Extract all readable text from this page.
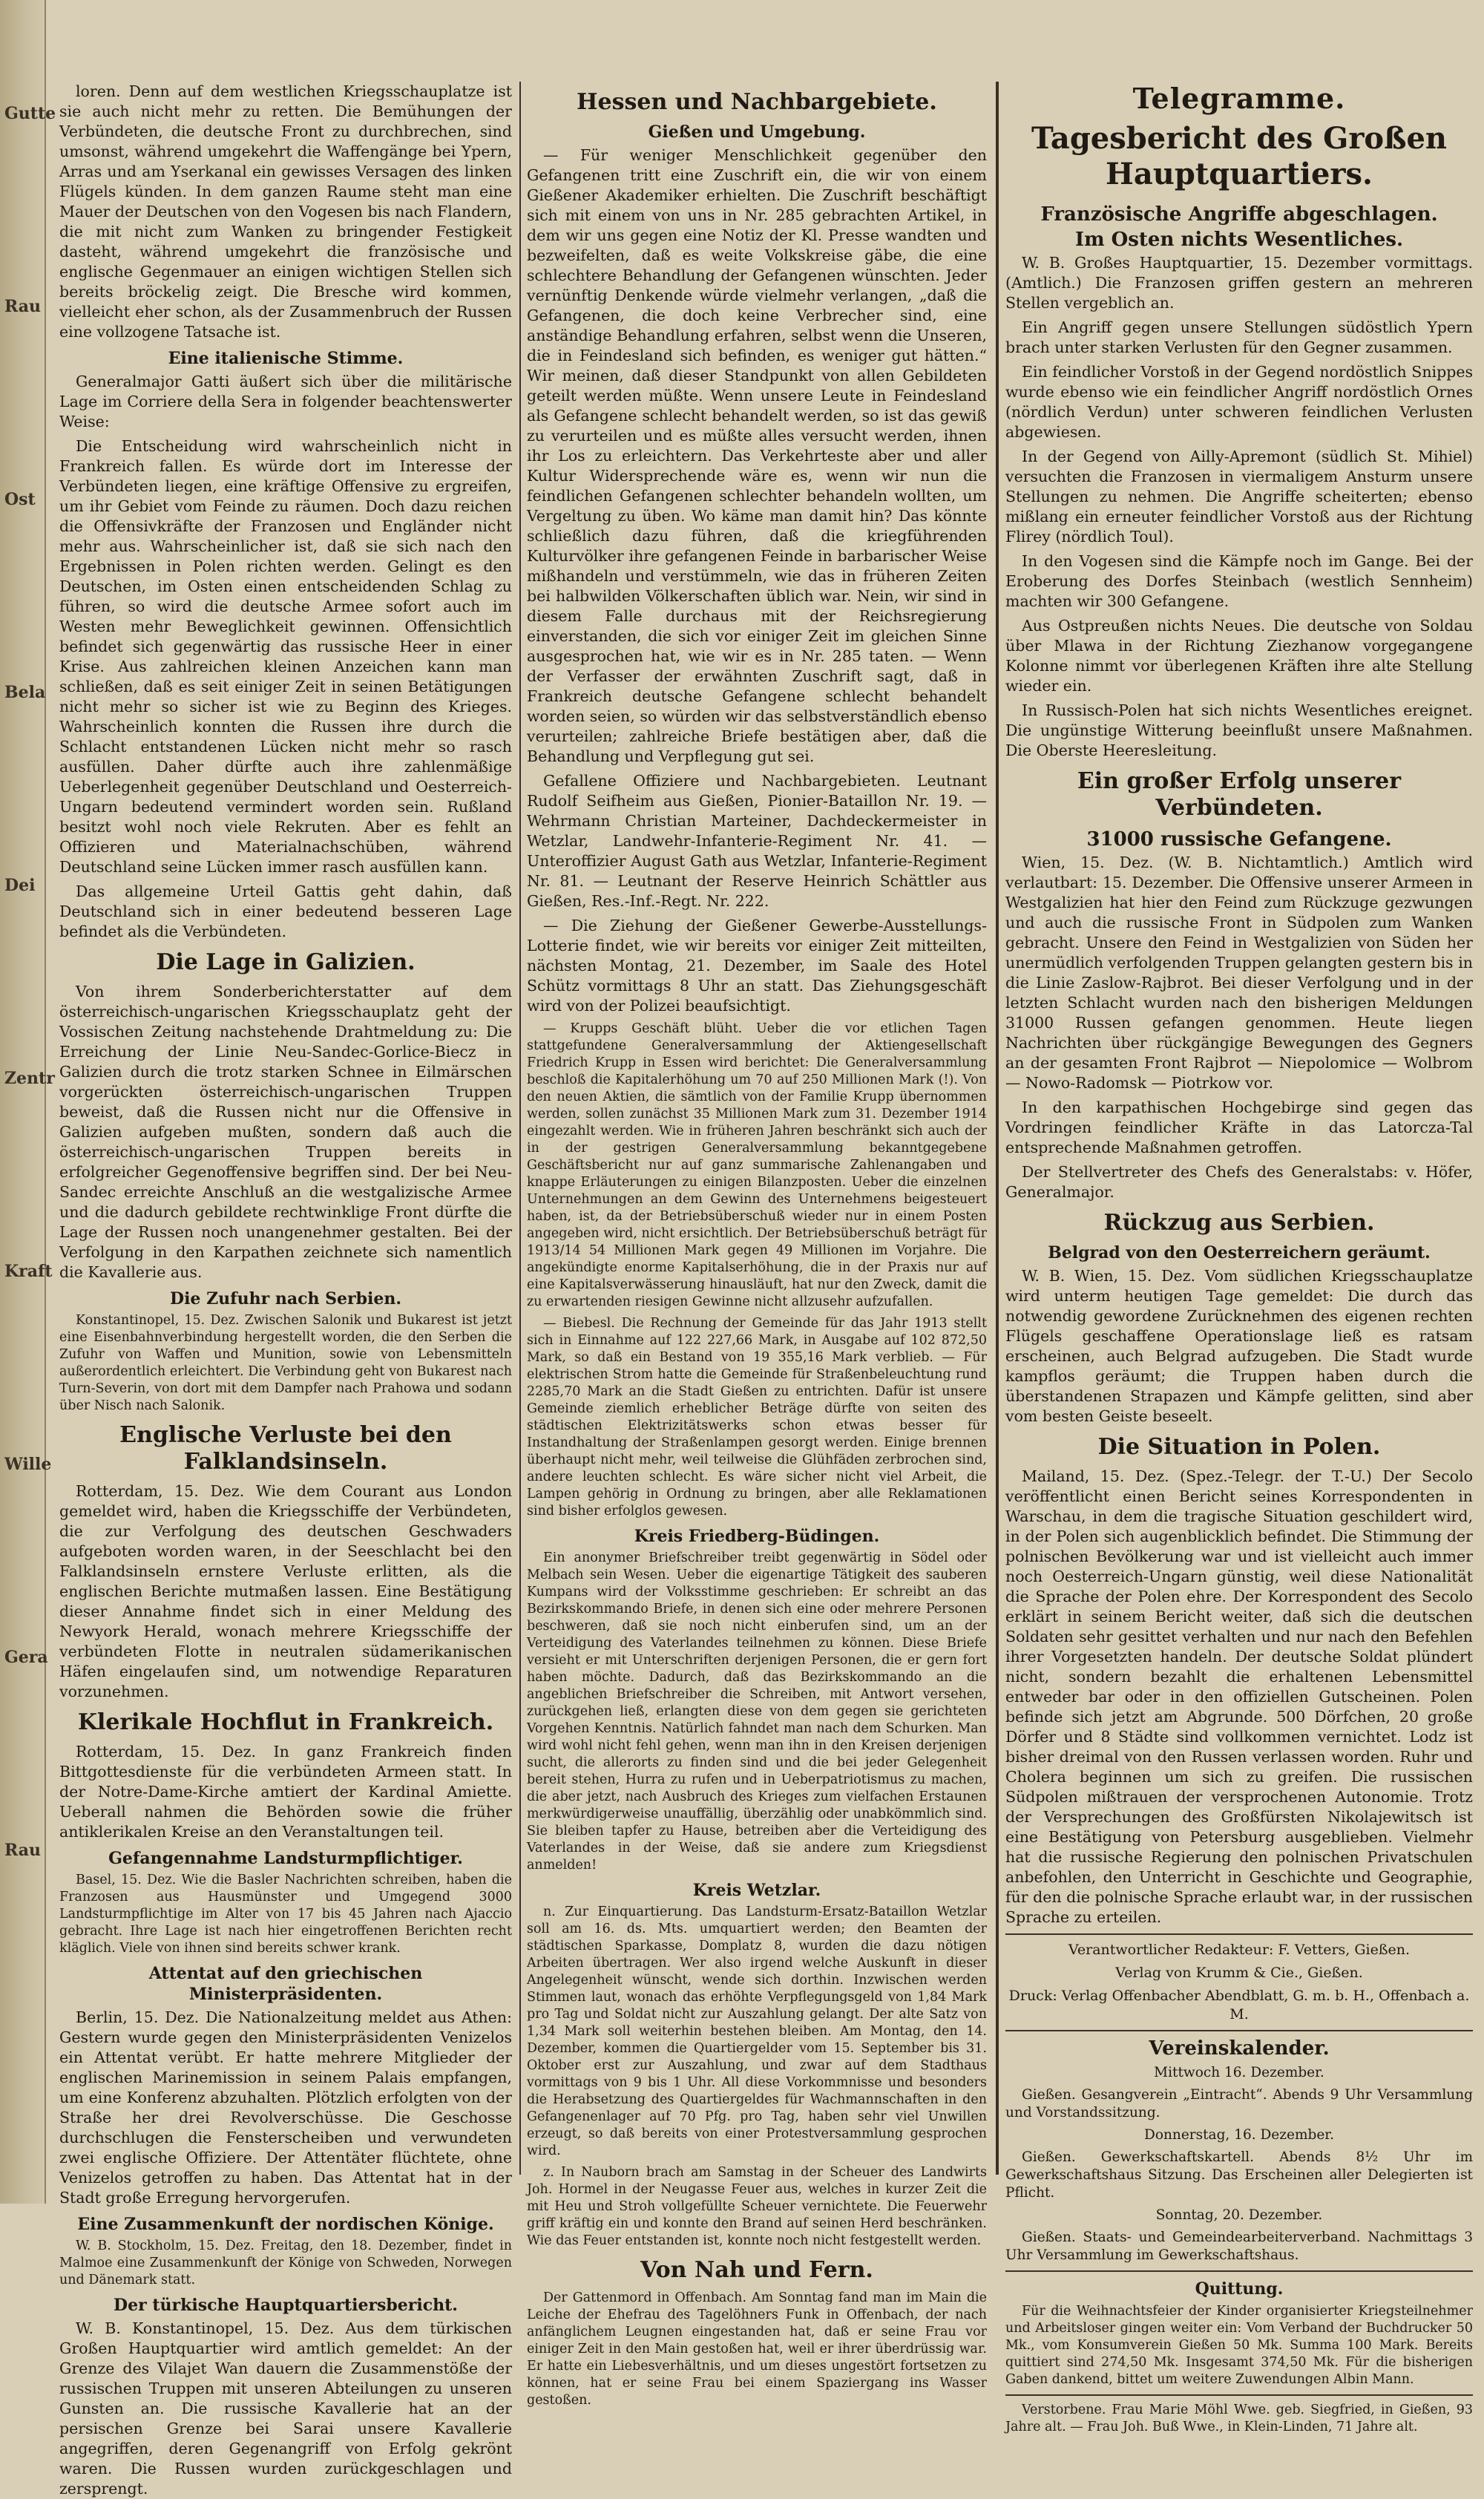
Gutte
Rau
Ost
Bela
Dei
Zentr
Kraft
Wille
Gera
Rau

loren. Denn auf dem westlichen Kriegsschauplatze ist sie auch nicht mehr zu retten. Die Bemühungen der Verbündeten, die deutsche Front zu durchbrechen, sind umsonst, während umgekehrt die Waffengänge bei Ypern, Arras und am Yserkanal ein gewisses Versagen des linken Flügels künden. In dem ganzen Raume steht man eine Mauer der Deutschen von den Vogesen bis nach Flandern, die mit nicht zum Wanken zu bringender Festigkeit dasteht, während umgekehrt die französische und englische Gegenmauer an einigen wichtigen Stellen sich bereits bröckelig zeigt. Die Bresche wird kommen, vielleicht eher schon, als der Zusammenbruch der Russen eine vollzogene Tatsache ist.

Eine italienische Stimme.

Generalmajor Gatti äußert sich über die militärische Lage im Corriere della Sera in folgender beachtenswerter Weise:

Die Entscheidung wird wahrscheinlich nicht in Frankreich fallen. Es würde dort im Interesse der Verbündeten liegen, eine kräftige Offensive zu ergreifen, um ihr Gebiet vom Feinde zu räumen. Doch dazu reichen die Offensivkräfte der Franzosen und Engländer nicht mehr aus. Wahrscheinlicher ist, daß sie sich nach den Ergebnissen in Polen richten werden. Gelingt es den Deutschen, im Osten einen entscheidenden Schlag zu führen, so wird die deutsche Armee sofort auch im Westen mehr Beweglichkeit gewinnen. Offensichtlich befindet sich gegenwärtig das russische Heer in einer Krise. Aus zahlreichen kleinen Anzeichen kann man schließen, daß es seit einiger Zeit in seinen Betätigungen nicht mehr so sicher ist wie zu Beginn des Krieges. Wahrscheinlich konnten die Russen ihre durch die Schlacht entstandenen Lücken nicht mehr so rasch ausfüllen. Daher dürfte auch ihre zahlenmäßige Ueberlegenheit gegenüber Deutschland und Oesterreich-Ungarn bedeutend vermindert worden sein. Rußland besitzt wohl noch viele Rekruten. Aber es fehlt an Offizieren und Materialnachschüben, während Deutschland seine Lücken immer rasch ausfüllen kann.

Das allgemeine Urteil Gattis geht dahin, daß Deutschland sich in einer bedeutend besseren Lage befindet als die Verbündeten.

Die Lage in Galizien.

Von ihrem Sonderberichterstatter auf dem österreichisch-ungarischen Kriegsschauplatz geht der Vossischen Zeitung nachstehende Drahtmeldung zu: Die Erreichung der Linie Neu-Sandec-Gorlice-Biecz in Galizien durch die trotz starken Schnee in Eilmärschen vorgerückten österreichisch-ungarischen Truppen beweist, daß die Russen nicht nur die Offensive in Galizien aufgeben mußten, sondern daß auch die österreichisch-ungarischen Truppen bereits in erfolgreicher Gegenoffensive begriffen sind. Der bei Neu-Sandec erreichte Anschluß an die westgalizische Armee und die dadurch gebildete rechtwinklige Front dürfte die Lage der Russen noch unangenehmer gestalten. Bei der Verfolgung in den Karpathen zeichnete sich namentlich die Kavallerie aus.

Die Zufuhr nach Serbien.

Konstantinopel, 15. Dez. Zwischen Salonik und Bukarest ist jetzt eine Eisenbahnverbindung hergestellt worden, die den Serben die Zufuhr von Waffen und Munition, sowie von Lebensmitteln außerordentlich erleichtert. Die Verbindung geht von Bukarest nach Turn-Severin, von dort mit dem Dampfer nach Prahowa und sodann über Nisch nach Salonik.

Englische Verluste bei den Falklandsinseln.

Rotterdam, 15. Dez. Wie dem Courant aus London gemeldet wird, haben die Kriegsschiffe der Verbündeten, die zur Verfolgung des deutschen Geschwaders aufgeboten worden waren, in der Seeschlacht bei den Falklandsinseln ernstere Verluste erlitten, als die englischen Berichte mutmaßen lassen. Eine Bestätigung dieser Annahme findet sich in einer Meldung des Newyork Herald, wonach mehrere Kriegsschiffe der verbündeten Flotte in neutralen südamerikanischen Häfen eingelaufen sind, um notwendige Reparaturen vorzunehmen.

Klerikale Hochflut in Frankreich.

Rotterdam, 15. Dez. In ganz Frankreich finden Bittgottesdienste für die verbündeten Armeen statt. In der Notre-Dame-Kirche amtiert der Kardinal Amiette. Ueberall nahmen die Behörden sowie die früher antiklerikalen Kreise an den Veranstaltungen teil.

Gefangennahme Landsturmpflichtiger.

Basel, 15. Dez. Wie die Basler Nachrichten schreiben, haben die Franzosen aus Hausmünster und Umgegend 3000 Landsturmpflichtige im Alter von 17 bis 45 Jahren nach Ajaccio gebracht. Ihre Lage ist nach hier eingetroffenen Berichten recht kläglich. Viele von ihnen sind bereits schwer krank.

Attentat auf den griechischen Ministerpräsidenten.

Berlin, 15. Dez. Die Nationalzeitung meldet aus Athen: Gestern wurde gegen den Ministerpräsidenten Venizelos ein Attentat verübt. Er hatte mehrere Mitglieder der englischen Marinemission in seinem Palais empfangen, um eine Konferenz abzuhalten. Plötzlich erfolgten von der Straße her drei Revolverschüsse. Die Geschosse durchschlugen die Fensterscheiben und verwundeten zwei englische Offiziere. Der Attentäter flüchtete, ohne Venizelos getroffen zu haben. Das Attentat hat in der Stadt große Erregung hervorgerufen.

Eine Zusammenkunft der nordischen Könige.

W. B. Stockholm, 15. Dez. Freitag, den 18. Dezember, findet in Malmoe eine Zusammenkunft der Könige von Schweden, Norwegen und Dänemark statt.

Der türkische Hauptquartiersbericht.

W. B. Konstantinopel, 15. Dez. Aus dem türkischen Großen Hauptquartier wird amtlich gemeldet: An der Grenze des Vilajet Wan dauern die Zusammenstöße der russischen Truppen mit unseren Abteilungen zu unseren Gunsten an. Die russische Kavallerie hat an der persischen Grenze bei Sarai unsere Kavallerie angegriffen, deren Gegenangriff von Erfolg gekrönt waren. Die Russen wurden zurückgeschlagen und zersprengt.

Hessen und Nachbargebiete.
Gießen und Umgebung.

— Für weniger Menschlichkeit gegenüber den Gefangenen tritt eine Zuschrift ein, die wir von einem Gießener Akademiker erhielten. Die Zuschrift beschäftigt sich mit einem von uns in Nr. 285 gebrachten Artikel, in dem wir uns gegen eine Notiz der Kl. Presse wandten und bezweifelten, daß es weite Volkskreise gäbe, die eine schlechtere Behandlung der Gefangenen wünschten. Jeder vernünftig Denkende würde vielmehr verlangen, „daß die Gefangenen, die doch keine Verbrecher sind, eine anständige Behandlung erfahren, selbst wenn die Unseren, die in Feindesland sich befinden, es weniger gut hätten.“ Wir meinen, daß dieser Standpunkt von allen Gebildeten geteilt werden müßte. Wenn unsere Leute in Feindesland als Gefangene schlecht behandelt werden, so ist das gewiß zu verurteilen und es müßte alles versucht werden, ihnen ihr Los zu erleichtern. Das Verkehrteste aber und aller Kultur Widersprechende wäre es, wenn wir nun die feindlichen Gefangenen schlechter behandeln wollten, um Vergeltung zu üben. Wo käme man damit hin? Das könnte schließlich dazu führen, daß die kriegführenden Kulturvölker ihre gefangenen Feinde in barbarischer Weise mißhandeln und verstümmeln, wie das in früheren Zeiten bei halbwilden Völkerschaften üblich war. Nein, wir sind in diesem Falle durchaus mit der Reichsregierung einverstanden, die sich vor einiger Zeit im gleichen Sinne ausgesprochen hat, wie wir es in Nr. 285 taten. — Wenn der Verfasser der erwähnten Zuschrift sagt, daß in Frankreich deutsche Gefangene schlecht behandelt worden seien, so würden wir das selbstverständlich ebenso verurteilen; zahlreiche Briefe bestätigen aber, daß die Behandlung und Verpflegung gut sei.

Gefallene Offiziere und Nachbargebieten. Leutnant Rudolf Seifheim aus Gießen, Pionier-Bataillon Nr. 19. — Wehrmann Christian Marteiner, Dachdeckermeister in Wetzlar, Landwehr-Infanterie-Regiment Nr. 41. — Unteroffizier August Gath aus Wetzlar, Infanterie-Regiment Nr. 81. — Leutnant der Reserve Heinrich Schättler aus Gießen, Res.-Inf.-Regt. Nr. 222.

— Die Ziehung der Gießener Gewerbe-Ausstellungs-Lotterie findet, wie wir bereits vor einiger Zeit mitteilten, nächsten Montag, 21. Dezember, im Saale des Hotel Schütz vormittags 8 Uhr an statt. Das Ziehungsgeschäft wird von der Polizei beaufsichtigt.

— Krupps Geschäft blüht. Ueber die vor etlichen Tagen stattgefundene Generalversammlung der Aktiengesellschaft Friedrich Krupp in Essen wird berichtet: Die Generalversammlung beschloß die Kapitalerhöhung um 70 auf 250 Millionen Mark (!). Von den neuen Aktien, die sämtlich von der Familie Krupp übernommen werden, sollen zunächst 35 Millionen Mark zum 31. Dezember 1914 eingezahlt werden. Wie in früheren Jahren beschränkt sich auch der in der gestrigen Generalversammlung bekanntgegebene Geschäftsbericht nur auf ganz summarische Zahlenangaben und knappe Erläuterungen zu einigen Bilanzposten. Ueber die einzelnen Unternehmungen an dem Gewinn des Unternehmens beigesteuert haben, ist, da der Betriebsüberschuß wieder nur in einem Posten angegeben wird, nicht ersichtlich. Der Betriebsüberschuß beträgt für 1913/14 54 Millionen Mark gegen 49 Millionen im Vorjahre. Die angekündigte enorme Kapitalserhöhung, die in der Praxis nur auf eine Kapitalsverwässerung hinausläuft, hat nur den Zweck, damit die zu erwartenden riesigen Gewinne nicht allzusehr aufzufallen.

— Biebesl. Die Rechnung der Gemeinde für das Jahr 1913 stellt sich in Einnahme auf 122 227,66 Mark, in Ausgabe auf 102 872,50 Mark, so daß ein Bestand von 19 355,16 Mark verblieb. — Für elektrischen Strom hatte die Gemeinde für Straßenbeleuchtung rund 2285,70 Mark an die Stadt Gießen zu entrichten. Dafür ist unsere Gemeinde ziemlich erheblicher Beträge dürfte von seiten des städtischen Elektrizitätswerks schon etwas besser für Instandhaltung der Straßenlampen gesorgt werden. Einige brennen überhaupt nicht mehr, weil teilweise die Glühfäden zerbrochen sind, andere leuchten schlecht. Es wäre sicher nicht viel Arbeit, die Lampen gehörig in Ordnung zu bringen, aber alle Reklamationen sind bisher erfolglos gewesen.

Kreis Friedberg-Büdingen.

Ein anonymer Briefschreiber treibt gegenwärtig in Södel oder Melbach sein Wesen. Ueber die eigenartige Tätigkeit des sauberen Kumpans wird der Volksstimme geschrieben: Er schreibt an das Bezirkskommando Briefe, in denen sich eine oder mehrere Personen beschweren, daß sie noch nicht einberufen sind, um an der Verteidigung des Vaterlandes teilnehmen zu können. Diese Briefe versieht er mit Unterschriften derjenigen Personen, die er gern fort haben möchte. Dadurch, daß das Bezirkskommando an die angeblichen Briefschreiber die Schreiben, mit Antwort versehen, zurückgehen ließ, erlangten diese von dem gegen sie gerichteten Vorgehen Kenntnis. Natürlich fahndet man nach dem Schurken. Man wird wohl nicht fehl gehen, wenn man ihn in den Kreisen derjenigen sucht, die allerorts zu finden sind und die bei jeder Gelegenheit bereit stehen, Hurra zu rufen und in Ueberpatriotismus zu machen, die aber jetzt, nach Ausbruch des Krieges zum vielfachen Erstaunen merkwürdigerweise unauffällig, überzählig oder unabkömmlich sind. Sie bleiben tapfer zu Hause, betreiben aber die Verteidigung des Vaterlandes in der Weise, daß sie andere zum Kriegsdienst anmelden!

Kreis Wetzlar.

n. Zur Einquartierung. Das Landsturm-Ersatz-Bataillon Wetzlar soll am 16. ds. Mts. umquartiert werden; den Beamten der städtischen Sparkasse, Domplatz 8, wurden die dazu nötigen Arbeiten übertragen. Wer also irgend welche Auskunft in dieser Angelegenheit wünscht, wende sich dorthin. Inzwischen werden Stimmen laut, wonach das erhöhte Verpflegungsgeld von 1,84 Mark pro Tag und Soldat nicht zur Auszahlung gelangt. Der alte Satz von 1,34 Mark soll weiterhin bestehen bleiben. Am Montag, den 14. Dezember, kommen die Quartiergelder vom 15. September bis 31. Oktober erst zur Auszahlung, und zwar auf dem Stadthaus vormittags von 9 bis 1 Uhr. All diese Vorkommnisse und besonders die Herabsetzung des Quartiergeldes für Wachmannschaften in den Gefangenenlager auf 70 Pfg. pro Tag, haben sehr viel Unwillen erzeugt, so daß bereits von einer Protestversammlung gesprochen wird.

z. In Nauborn brach am Samstag in der Scheuer des Landwirts Joh. Hormel in der Neugasse Feuer aus, welches in kurzer Zeit die mit Heu und Stroh vollgefüllte Scheuer vernichtete. Die Feuerwehr griff kräftig ein und konnte den Brand auf seinen Herd beschränken. Wie das Feuer entstanden ist, konnte noch nicht festgestellt werden.

Von Nah und Fern.

Der Gattenmord in Offenbach. Am Sonntag fand man im Main die Leiche der Ehefrau des Tagelöhners Funk in Offenbach, der nach anfänglichem Leugnen eingestanden hat, daß er seine Frau vor einiger Zeit in den Main gestoßen hat, weil er ihrer überdrüssig war. Er hatte ein Liebesverhältnis, und um dieses ungestört fortsetzen zu können, hat er seine Frau bei einem Spaziergang ins Wasser gestoßen.

Telegramme.
Tagesbericht des Großen Hauptquartiers.
Französische Angriffe abgeschlagen.
Im Osten nichts Wesentliches.

W. B. Großes Hauptquartier, 15. Dezember vormittags. (Amtlich.) Die Franzosen griffen gestern an mehreren Stellen vergeblich an.

Ein Angriff gegen unsere Stellungen südöstlich Ypern brach unter starken Verlusten für den Gegner zusammen.

Ein feindlicher Vorstoß in der Gegend nordöstlich Snippes wurde ebenso wie ein feindlicher Angriff nordöstlich Ornes (nördlich Verdun) unter schweren feindlichen Verlusten abgewiesen.

In der Gegend von Ailly-Apremont (südlich St. Mihiel) versuchten die Franzosen in viermaligem Ansturm unsere Stellungen zu nehmen. Die Angriffe scheiterten; ebenso mißlang ein erneuter feindlicher Vorstoß aus der Richtung Flirey (nördlich Toul).

In den Vogesen sind die Kämpfe noch im Gange. Bei der Eroberung des Dorfes Steinbach (westlich Sennheim) machten wir 300 Gefangene.

Aus Ostpreußen nichts Neues. Die deutsche von Soldau über Mlawa in der Richtung Ziezhanow vorgegangene Kolonne nimmt vor überlegenen Kräften ihre alte Stellung wieder ein.

In Russisch-Polen hat sich nichts Wesentliches ereignet. Die ungünstige Witterung beeinflußt unsere Maßnahmen. Die Oberste Heeresleitung.

Ein großer Erfolg unserer Verbündeten.
31000 russische Gefangene.

Wien, 15. Dez. (W. B. Nichtamtlich.) Amtlich wird verlautbart: 15. Dezember. Die Offensive unserer Armeen in Westgalizien hat hier den Feind zum Rückzuge gezwungen und auch die russische Front in Südpolen zum Wanken gebracht. Unsere den Feind in Westgalizien von Süden her unermüdlich verfolgenden Truppen gelangten gestern bis in die Linie Zaslow-Rajbrot. Bei dieser Verfolgung und in der letzten Schlacht wurden nach den bisherigen Meldungen 31000 Russen gefangen genommen. Heute liegen Nachrichten über rückgängige Bewegungen des Gegners an der gesamten Front Rajbrot — Niepolomice — Wolbrom — Nowo-Radomsk — Piotrkow vor.

In den karpathischen Hochgebirge sind gegen das Vordringen feindlicher Kräfte in das Latorcza-Tal entsprechende Maßnahmen getroffen.

Der Stellvertreter des Chefs des Generalstabs: v. Höfer, Generalmajor.

Rückzug aus Serbien.
Belgrad von den Oesterreichern geräumt.

W. B. Wien, 15. Dez. Vom südlichen Kriegsschauplatze wird unterm heutigen Tage gemeldet: Die durch das notwendig gewordene Zurücknehmen des eigenen rechten Flügels geschaffene Operationslage ließ es ratsam erscheinen, auch Belgrad aufzugeben. Die Stadt wurde kampflos geräumt; die Truppen haben durch die überstandenen Strapazen und Kämpfe gelitten, sind aber vom besten Geiste beseelt.

Die Situation in Polen.

Mailand, 15. Dez. (Spez.-Telegr. der T.-U.) Der Secolo veröffentlicht einen Bericht seines Korrespondenten in Warschau, in dem die tragische Situation geschildert wird, in der Polen sich augenblicklich befindet. Die Stimmung der polnischen Bevölkerung war und ist vielleicht auch immer noch Oesterreich-Ungarn günstig, weil diese Nationalität die Sprache der Polen ehre. Der Korrespondent des Secolo erklärt in seinem Bericht weiter, daß sich die deutschen Soldaten sehr gesittet verhalten und nur nach den Befehlen ihrer Vorgesetzten handeln. Der deutsche Soldat plündert nicht, sondern bezahlt die erhaltenen Lebensmittel entweder bar oder in den offiziellen Gutscheinen. Polen befinde sich jetzt am Abgrunde. 500 Dörfchen, 20 große Dörfer und 8 Städte sind vollkommen vernichtet. Lodz ist bisher dreimal von den Russen verlassen worden. Ruhr und Cholera beginnen um sich zu greifen. Die russischen Südpolen mißtrauen der versprochenen Autonomie. Trotz der Versprechungen des Großfürsten Nikolajewitsch ist eine Bestätigung von Petersburg ausgeblieben. Vielmehr hat die russische Regierung den polnischen Privatschulen anbefohlen, den Unterricht in Geschichte und Geographie, für den die polnische Sprache erlaubt war, in der russischen Sprache zu erteilen.

Verantwortlicher Redakteur: F. Vetters, Gießen.

Verlag von Krumm & Cie., Gießen.

Druck: Verlag Offenbacher Abendblatt, G. m. b. H., Offenbach a. M.

Vereinskalender.

Mittwoch 16. Dezember.

Gießen. Gesangverein „Eintracht“. Abends 9 Uhr Versammlung und Vorstandssitzung.

Donnerstag, 16. Dezember.

Gießen. Gewerkschaftskartell. Abends 8½ Uhr im Gewerkschaftshaus Sitzung. Das Erscheinen aller Delegierten ist Pflicht.

Sonntag, 20. Dezember.

Gießen. Staats- und Gemeindearbeiterverband. Nachmittags 3 Uhr Versammlung im Gewerkschaftshaus.

Quittung.

Für die Weihnachtsfeier der Kinder organisierter Kriegsteilnehmer und Arbeitsloser gingen weiter ein: Vom Verband der Buchdrucker 50 Mk., vom Konsumverein Gießen 50 Mk. Summa 100 Mark. Bereits quittiert sind 274,50 Mk. Insgesamt 374,50 Mk. Für die bisherigen Gaben dankend, bittet um weitere Zuwendungen Albin Mann.

Verstorbene. Frau Marie Möhl Wwe. geb. Siegfried, in Gießen, 93 Jahre alt. — Frau Joh. Buß Wwe., in Klein-Linden, 71 Jahre alt.
